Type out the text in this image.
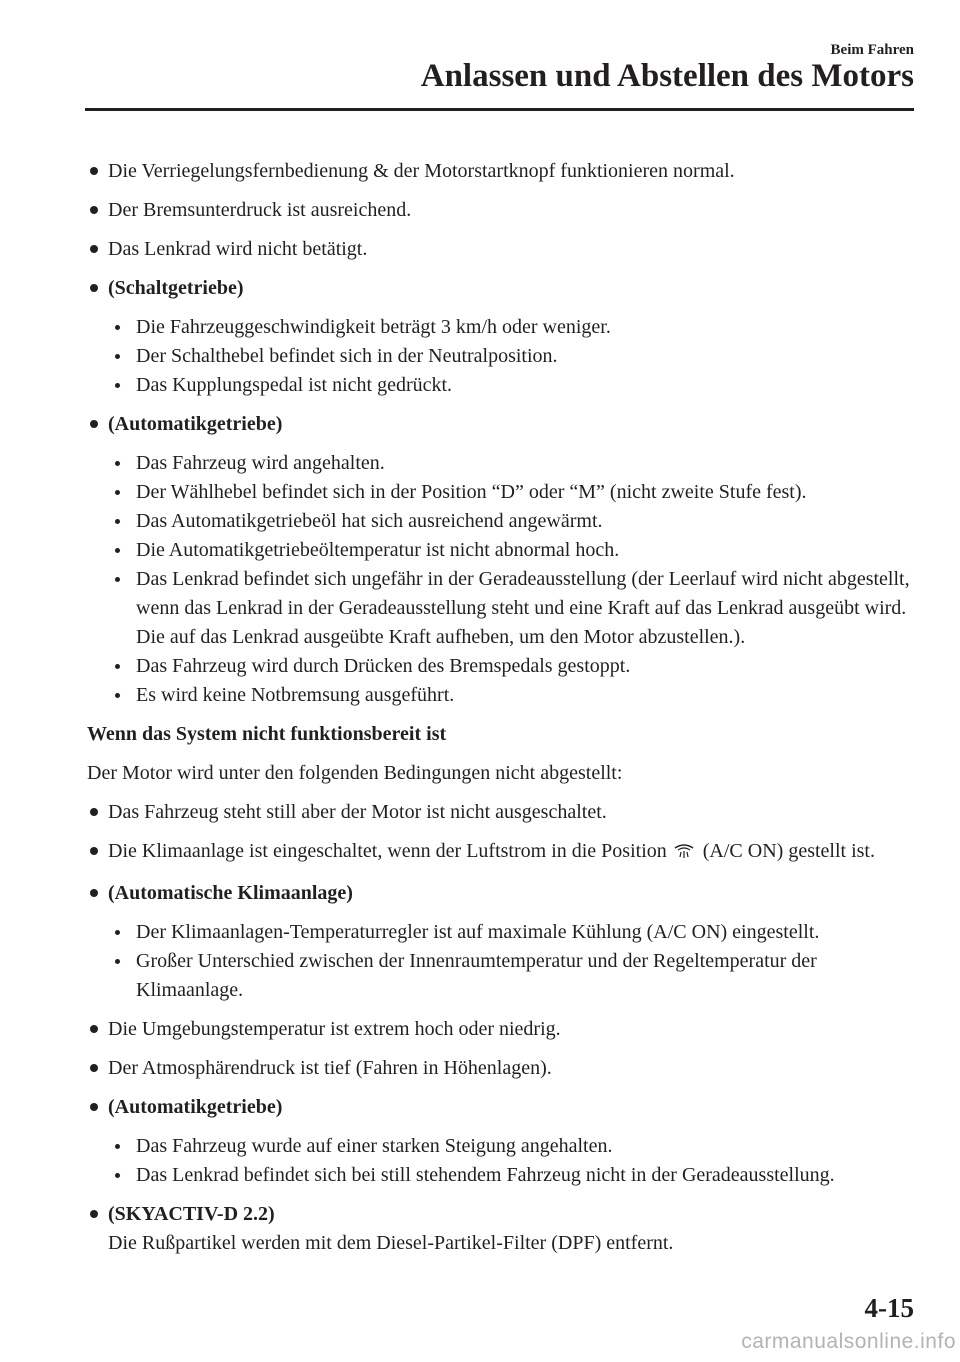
Beim Fahren
Anlassen und Abstellen des Motors
Die Verriegelungsfernbedienung & der Motorstartknopf funktionieren normal.
Der Bremsunterdruck ist ausreichend.
Das Lenkrad wird nicht betätigt.
(Schaltgetriebe)
Die Fahrzeuggeschwindigkeit beträgt 3 km/h oder weniger.
Der Schalthebel befindet sich in der Neutralposition.
Das Kupplungspedal ist nicht gedrückt.
(Automatikgetriebe)
Das Fahrzeug wird angehalten.
Der Wählhebel befindet sich in der Position “D” oder “M” (nicht zweite Stufe fest).
Das Automatikgetriebeöl hat sich ausreichend angewärmt.
Die Automatikgetriebeöltemperatur ist nicht abnormal hoch.
Das Lenkrad befindet sich ungefähr in der Geradeausstellung (der Leerlauf wird nicht abgestellt, wenn das Lenkrad in der Geradeausstellung steht und eine Kraft auf das Lenkrad ausgeübt wird. Die auf das Lenkrad ausgeübte Kraft aufheben, um den Motor abzustellen.).
Das Fahrzeug wird durch Drücken des Bremspedals gestoppt.
Es wird keine Notbremsung ausgeführt.
Wenn das System nicht funktionsbereit ist
Der Motor wird unter den folgenden Bedingungen nicht abgestellt:
Das Fahrzeug steht still aber der Motor ist nicht ausgeschaltet.
Die Klimaanlage ist eingeschaltet, wenn der Luftstrom in die Position (A/C ON) gestellt ist.
(Automatische Klimaanlage)
Der Klimaanlagen-Temperaturregler ist auf maximale Kühlung (A/C ON) eingestellt.
Großer Unterschied zwischen der Innenraumtemperatur und der Regeltemperatur der Klimaanlage.
Die Umgebungstemperatur ist extrem hoch oder niedrig.
Der Atmosphärendruck ist tief (Fahren in Höhenlagen).
(Automatikgetriebe)
Das Fahrzeug wurde auf einer starken Steigung angehalten.
Das Lenkrad befindet sich bei still stehendem Fahrzeug nicht in der Geradeausstellung.
(SKYACTIV-D 2.2)
Die Rußpartikel werden mit dem Diesel-Partikel-Filter (DPF) entfernt.
4-15
carmanualsonline.info
